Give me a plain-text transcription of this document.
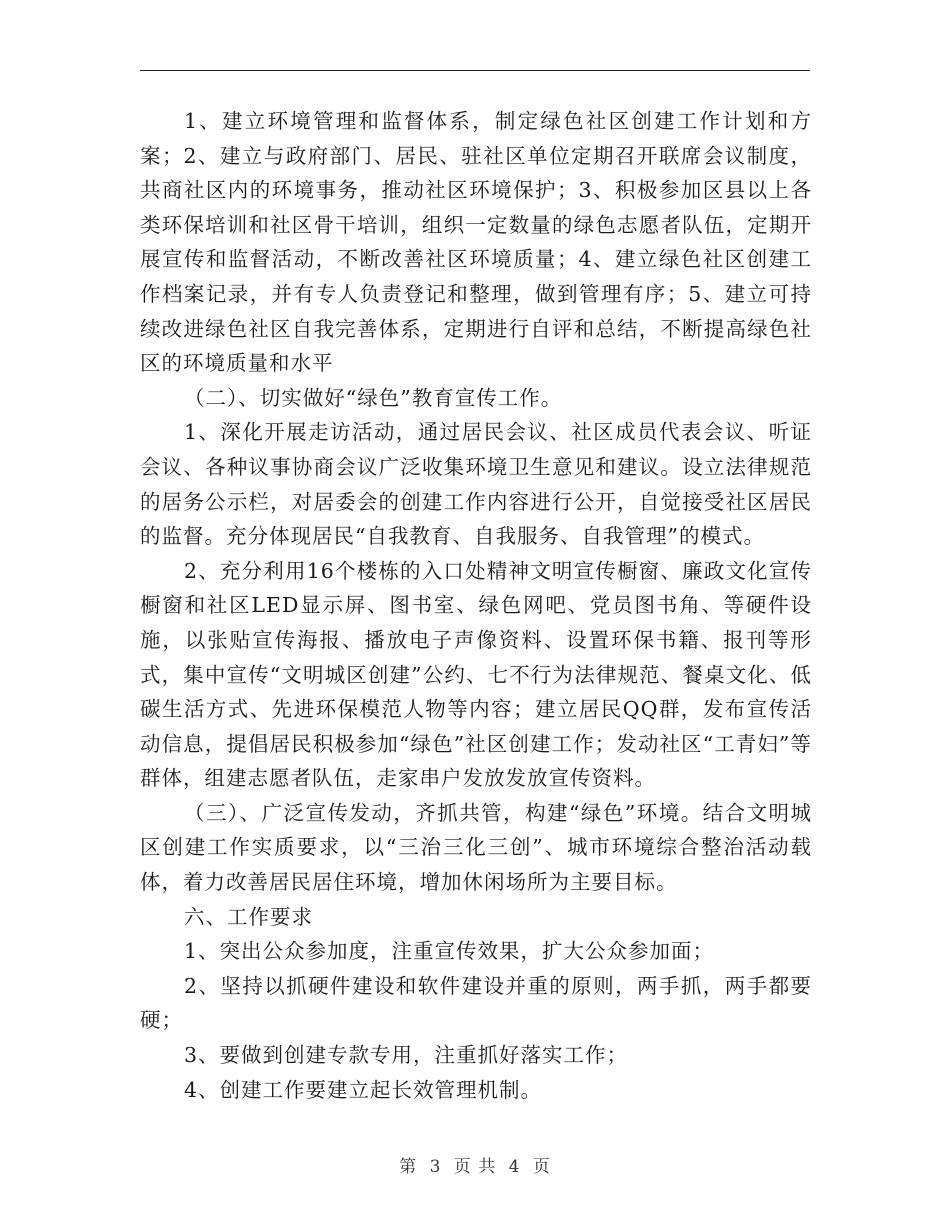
1、建立环境管理和监督体系，制定绿色社区创建工作计划和方案；2、建立与政府部门、居民、驻社区单位定期召开联席会议制度，共商社区内的环境事务，推动社区环境保护；3、积极参加区县以上各类环保培训和社区骨干培训，组织一定数量的绿色志愿者队伍，定期开展宣传和监督活动，不断改善社区环境质量；4、建立绿色社区创建工作档案记录，并有专人负责登记和整理，做到管理有序；5、建立可持续改进绿色社区自我完善体系，定期进行自评和总结，不断提高绿色社区的环境质量和水平

（二）、切实做好“绿色”教育宣传工作。

1、深化开展走访活动，通过居民会议、社区成员代表会议、听证会议、各种议事协商会议广泛收集环境卫生意见和建议。设立法律规范的居务公示栏，对居委会的创建工作内容进行公开，自觉接受社区居民的监督。充分体现居民“自我教育、自我服务、自我管理”的模式。

2、充分利用16个楼栋的入口处精神文明宣传橱窗、廉政文化宣传橱窗和社区LED显示屏、图书室、绿色网吧、党员图书角、等硬件设施，以张贴宣传海报、播放电子声像资料、设置环保书籍、报刊等形式，集中宣传“文明城区创建”公约、七不行为法律规范、餐桌文化、低碳生活方式、先进环保模范人物等内容；建立居民QQ群，发布宣传活动信息，提倡居民积极参加“绿色”社区创建工作；发动社区“工青妇”等群体，组建志愿者队伍，走家串户发放发放宣传资料。

（三）、广泛宣传发动，齐抓共管，构建“绿色”环境。结合文明城区创建工作实质要求，以“三治三化三创”、城市环境综合整治活动载体，着力改善居民居住环境，增加休闲场所为主要目标。

六、工作要求

1、突出公众参加度，注重宣传效果，扩大公众参加面；

2、坚持以抓硬件建设和软件建设并重的原则，两手抓，两手都要硬；

3、要做到创建专款专用，注重抓好落实工作；

4、创建工作要建立起长效管理机制。

第 3 页 共 4 页
